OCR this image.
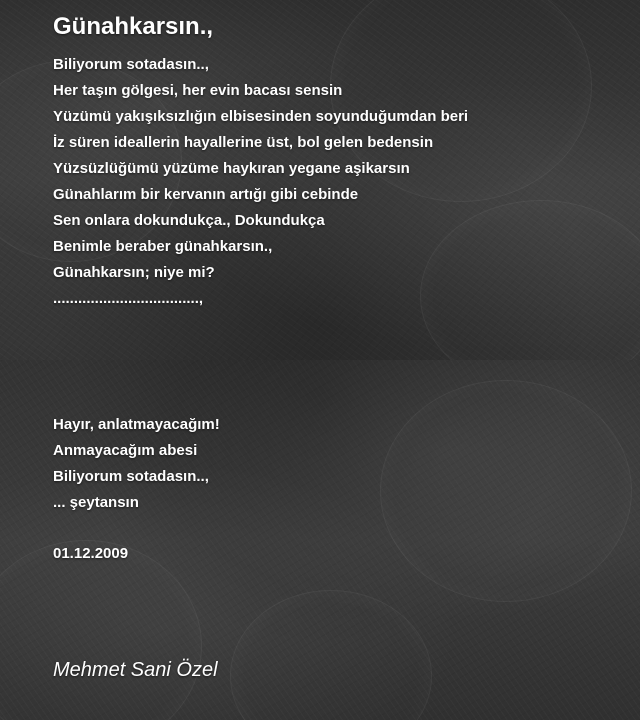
Günahkarsın.,
Biliyorum sotadasın..,
Her taşın gölgesi, her evin bacası sensin
Yüzümü yakışıksızlığın elbisesinden soyunduğumdan beri
İz süren ideallerin hayallerine üst, bol gelen bedensin
Yüzsüzlüğümü yüzüme haykıran yegane aşikarsın
Günahlarım bir kervanın artığı gibi cebinde
Sen onlara dokundukça., Dokundukça
Benimle beraber günahkarsın.,
Günahkarsın; niye mi?
...................................,
Hayır, anlatmayacağım!
Anmayacağım abesi
Biliyorum sotadasın..,
... şeytansın

01.12.2009

Mehmet Sani Özel
